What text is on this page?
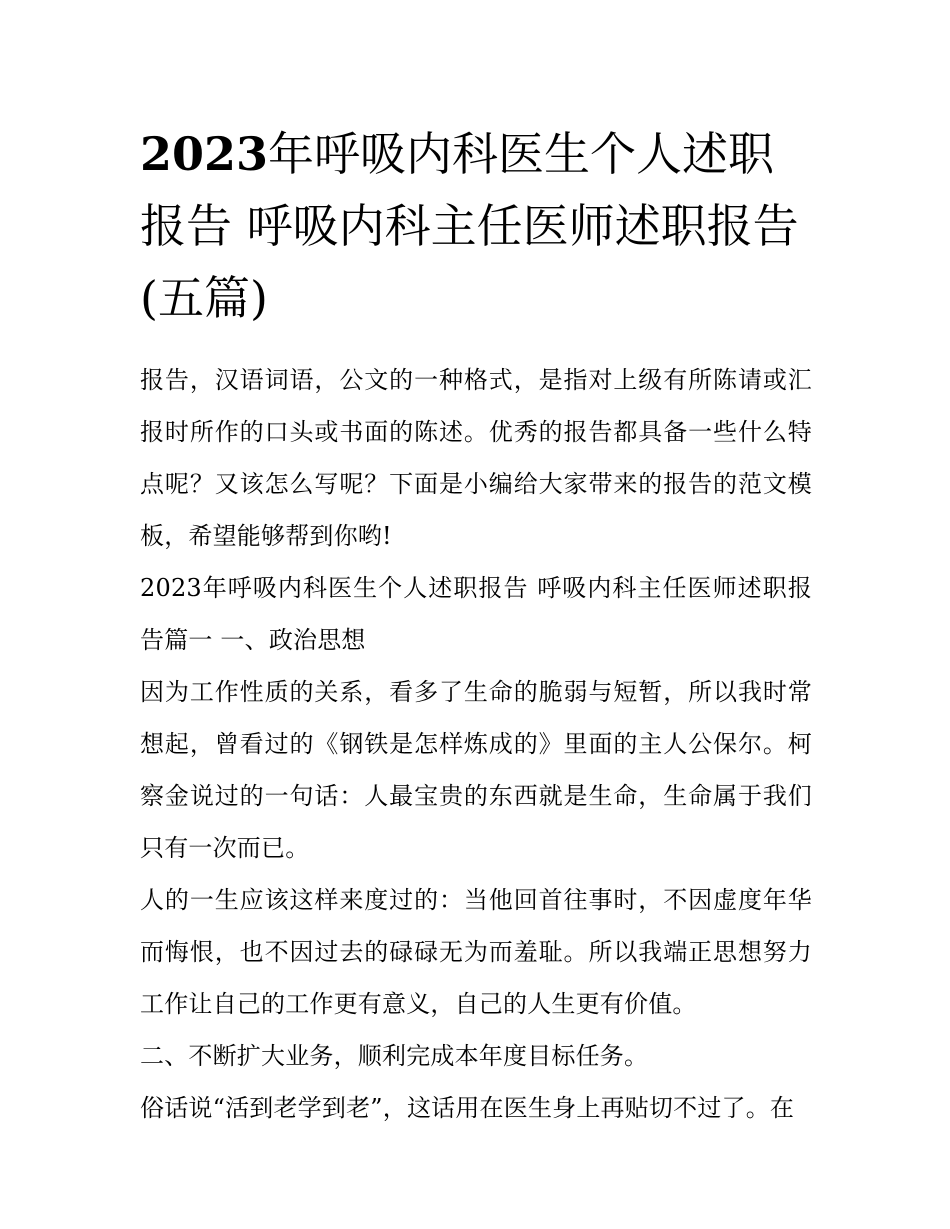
2023年呼吸内科医生个人述职报告 呼吸内科主任医师述职报告(五篇)

报告，汉语词语，公文的一种格式，是指对上级有所陈请或汇报时所作的口头或书面的陈述。优秀的报告都具备一些什么特点呢？又该怎么写呢？下面是小编给大家带来的报告的范文模板，希望能够帮到你哟!

2023年呼吸内科医生个人述职报告 呼吸内科主任医师述职报告篇一 一、政治思想

因为工作性质的关系，看多了生命的脆弱与短暂，所以我时常想起，曾看过的《钢铁是怎样炼成的》里面的主人公保尔。柯察金说过的一句话：人最宝贵的东西就是生命，生命属于我们只有一次而已。

人的一生应该这样来度过的：当他回首往事时，不因虚度年华而悔恨，也不因过去的碌碌无为而羞耻。所以我端正思想努力工作让自己的工作更有意义，自己的人生更有价值。

二、不断扩大业务，顺利完成本年度目标任务。

俗话说“活到老学到老”，这话用在医生身上再贴切不过了。在
